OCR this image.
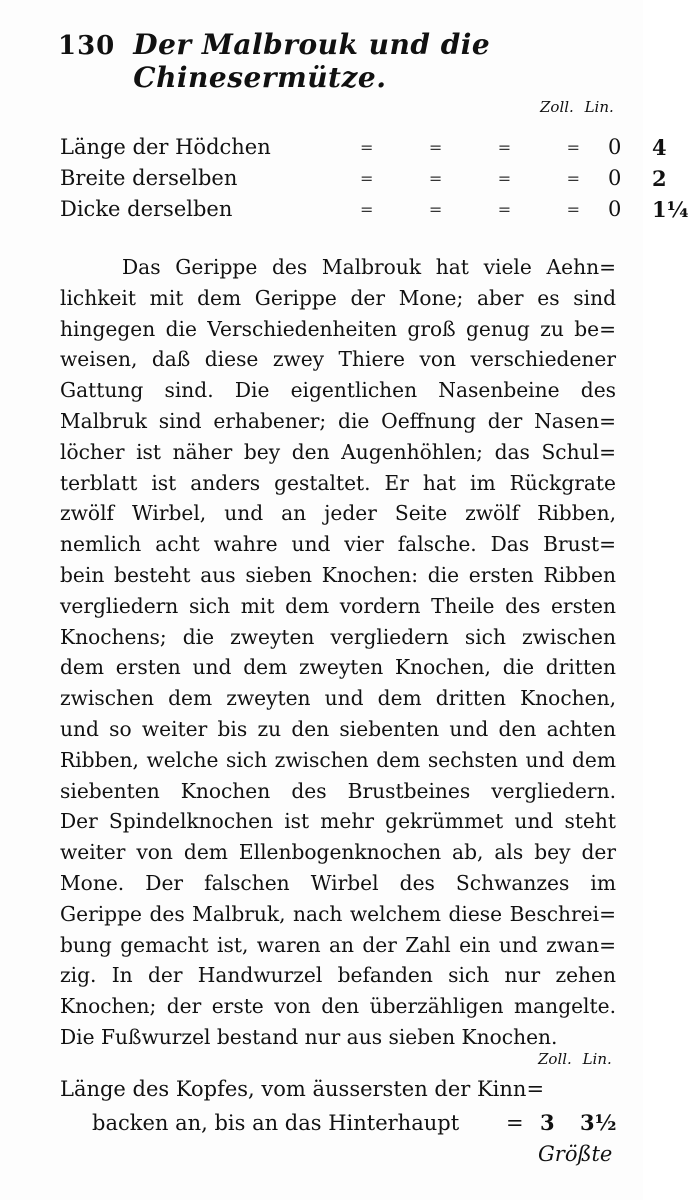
130 Der Malbrouk und die Chinesermütze.
Zoll. Lin.
Länge der Hödchen	=	=	=	= 0 4
Breite derselben	=	=	=	= 0 2
Dicke derselben	=	=	=	= 0 1¼
Das Gerippe des Malbrouk hat viele Aehn=
lichkeit mit dem Gerippe der Mone; aber es sind
hingegen die Verschiedenheiten groß genug zu be=
weisen, daß diese zwey Thiere von verschiedener
Gattung sind. Die eigentlichen Nasenbeine des
Malbruk sind erhabener; die Oeffnung der Nasen=
löcher ist näher bey den Augenhöhlen; das Schul=
terblatt ist anders gestaltet. Er hat im Rückgrate
zwölf Wirbel, und an jeder Seite zwölf Ribben,
nemlich acht wahre und vier falsche. Das Brust=
bein besteht aus sieben Knochen: die ersten Ribben
vergliedern sich mit dem vordern Theile des ersten
Knochens; die zweyten vergliedern sich zwischen
dem ersten und dem zweyten Knochen, die dritten
zwischen dem zweyten und dem dritten Knochen,
und so weiter bis zu den siebenten und den achten
Ribben, welche sich zwischen dem sechsten und dem
siebenten Knochen des Brustbeines vergliedern.
Der Spindelknochen ist mehr gekrümmet und steht
weiter von dem Ellenbogenknochen ab, als bey der
Mone. Der falschen Wirbel des Schwanzes im
Gerippe des Malbruk, nach welchem diese Beschrei=
bung gemacht ist, waren an der Zahl ein und zwan=
zig. In der Handwurzel befanden sich nur zehen
Knochen; der erste von den überzähligen mangelte.
Die Fußwurzel bestand nur aus sieben Knochen.
Zoll. Lin.
Länge des Kopfes, vom äussersten der Kinn=
backen an, bis an das Hinterhaupt = 3 3½
Größte
